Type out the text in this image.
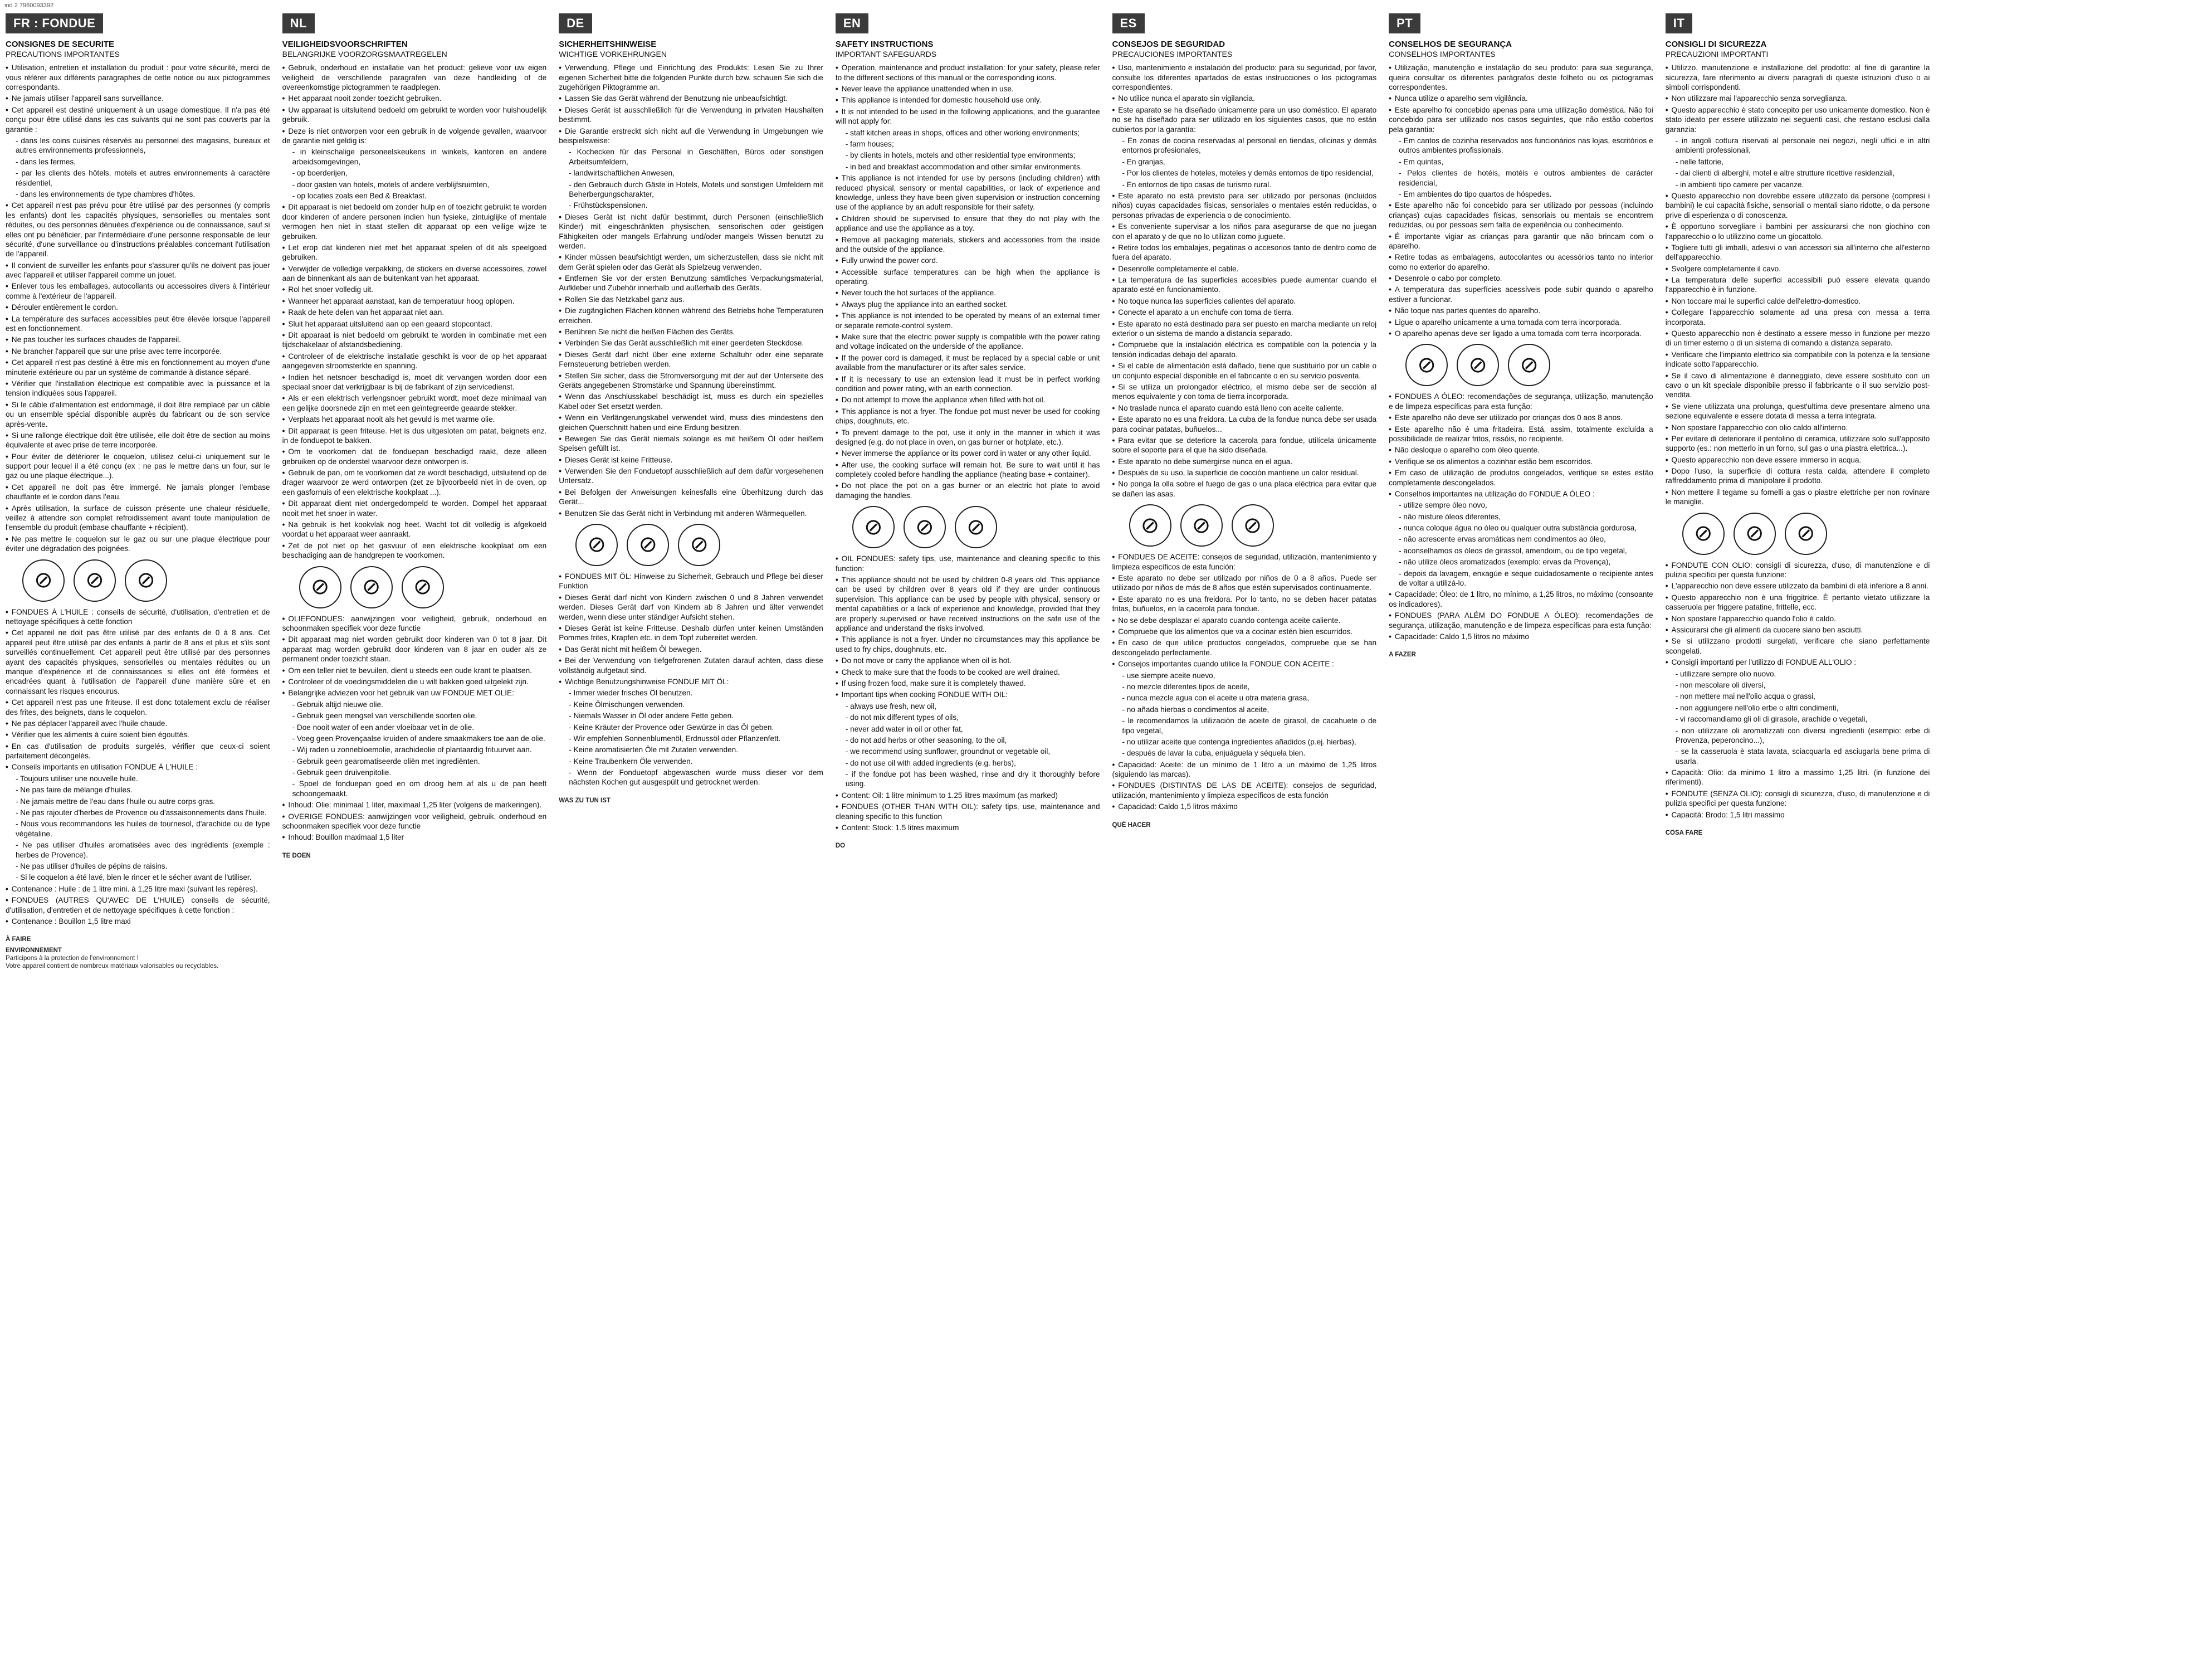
ind 2 7960093392
FR : FONDUE
CONSIGNES DE SECURITE
PRECAUTIONS IMPORTANTES
• Utilisation, entretien et installation du produit : pour votre sécurité, merci de vous référer aux différents paragraphes de cette notice ou aux pictogrammes correspondants.
• Ne jamais utiliser l'appareil sans surveillance.
• Cet appareil est destiné uniquement à un usage domestique. Il n'a pas été conçu pour être utilisé dans les cas suivants qui ne sont pas couverts par la garantie :
- dans les coins cuisines réservés au personnel des magasins, bureaux et autres environnements professionnels,
- dans les fermes,
- par les clients des hôtels, motels et autres environnements à caractère résidentiel,
- dans les environnements de type chambres d'hôtes.
• Cet appareil n'est pas prévu pour être utilisé par des personnes (y compris les enfants) dont les capacités physiques, sensorielles ou mentales sont réduites, ou des personnes dénuées d'expérience ou de connaissance, sauf si elles ont pu bénéficier, par l'intermédiaire d'une personne responsable de leur sécurité, d'une surveillance ou d'instructions préalables concernant l'utilisation de l'appareil.
• Il convient de surveiller les enfants pour s'assurer qu'ils ne doivent pas jouer avec l'appareil et utiliser l'appareil comme un jouet.
• Enlever tous les emballages, autocollants ou accessoires divers à l'intérieur comme à l'extérieur de l'appareil.
• Dérouler entièrement le cordon.
• La température des surfaces accessibles peut être élevée lorsque l'appareil est en fonctionnement.
• Ne pas toucher les surfaces chaudes de l'appareil.
• Ne brancher l'appareil que sur une prise avec terre incorporée.
• Cet appareil n'est pas destiné à être mis en fonctionnement au moyen d'une minuterie extérieure ou par un système de commande à distance séparé.
• Vérifier que l'installation électrique est compatible avec la puissance et la tension indiquées sous l'appareil.
• Si le câble d'alimentation est endommagé, il doit être remplacé par un câble ou un ensemble spécial disponible auprès du fabricant ou de son service après-vente.
• Si une rallonge électrique doit être utilisée, elle doit être de section au moins équivalente et avec prise de terre incorporée.
• Pour éviter de détériorer le coquelon, utilisez celui-ci uniquement sur le support pour lequel il a été conçu (ex : ne pas le mettre dans un four, sur le gaz ou une plaque électrique...).
• Cet appareil ne doit pas être immergé. Ne jamais plonger l'embase chauffante et le cordon dans l'eau.
• Après utilisation, la surface de cuisson présente une chaleur résiduelle, veillez à attendre son complet refroidissement avant toute manipulation de l'ensemble du produit (embase chauffante + récipient).
• Ne pas mettre le coquelon sur le gaz ou sur une plaque électrique pour éviter une dégradation des poignées.
⊘	⊘	⊘
• FONDUES À L'HUILE : conseils de sécurité, d'utilisation, d'entretien et de nettoyage spécifiques à cette fonction
• Cet appareil ne doit pas être utilisé par des enfants de 0 à 8 ans. Cet appareil peut être utilisé par des enfants à partir de 8 ans et plus et s'ils sont surveillés continuellement. Cet appareil peut être utilisé par des personnes ayant des capacités physiques, sensorielles ou mentales réduites ou un manque d'expérience et de connaissances si elles ont été formées et encadrées quant à l'utilisation de l'appareil d'une manière sûre et en connaissant les risques encourus.
• Cet appareil n'est pas une friteuse. Il est donc totalement exclu de réaliser des frites, des beignets, dans le coquelon.
• Ne pas déplacer l'appareil avec l'huile chaude.
• Vérifier que les aliments à cuire soient bien égouttés.
• En cas d'utilisation de produits surgelés, vérifier que ceux-ci soient parfaitement décongelés.
• Conseils importants en utilisation FONDUE À L'HUILE :
- Toujours utiliser une nouvelle huile.
- Ne pas faire de mélange d'huiles.
- Ne jamais mettre de l'eau dans l'huile ou autre corps gras.
- Ne pas rajouter d'herbes de Provence ou d'assaisonnements dans l'huile.
- Nous vous recommandons les huiles de tournesol, d'arachide ou de type végétaline.
- Ne pas utiliser d'huiles aromatisées avec des ingrédients (exemple : herbes de Provence).
- Ne pas utiliser d'huiles de pépins de raisins.
- Si le coquelon a été lavé, bien le rincer et le sécher avant de l'utiliser.
• Contenance : Huile : de 1 litre mini. à 1,25 litre maxi (suivant les repères).
• FONDUES (AUTRES QU'AVEC DE L'HUILE) conseils de sécurité, d'utilisation, d'entretien et de nettoyage spécifiques à cette fonction :
• Contenance : Bouillon 1,5 litre maxi
À FAIRE
ENVIRONNEMENT
Participons à la protection de l'environnement !
Votre appareil contient de nombreux matériaux valorisables ou recyclables.
NL
VEILIGHEIDSVOORSCHRIFTEN
BELANGRIJKE VOORZORGSMAATREGELEN
• Gebruik, onderhoud en installatie van het product: gelieve voor uw eigen veiligheid de verschillende paragrafen van deze handleiding of de overeenkomstige pictogrammen te raadplegen.
• Het apparaat nooit zonder toezicht gebruiken.
• Uw apparaat is uitsluitend bedoeld om gebruikt te worden voor huishoudelijk gebruik.
• Deze is niet ontworpen voor een gebruik in de volgende gevallen, waarvoor de garantie niet geldig is:
- in kleinschalige personeelskeukens in winkels, kantoren en andere arbeidsomgevingen,
- op boerderijen,
- door gasten van hotels, motels of andere verblijfsruimten,
- op locaties zoals een Bed & Breakfast.
• Dit apparaat is niet bedoeld om zonder hulp en of toezicht gebruikt te worden door kinderen of andere personen indien hun fysieke, zintuiglijke of mentale vermogen hen niet in staat stellen dit apparaat op een veilige wijze te gebruiken.
• Let erop dat kinderen niet met het apparaat spelen of dit als speelgoed gebruiken.
• Verwijder de volledige verpakking, de stickers en diverse accessoires, zowel aan de binnenkant als aan de buitenkant van het apparaat.
• Rol het snoer volledig uit.
• Wanneer het apparaat aanstaat, kan de temperatuur hoog oplopen.
• Raak de hete delen van het apparaat niet aan.
• Sluit het apparaat uitsluitend aan op een geaard stopcontact.
• Dit apparaat is niet bedoeld om gebruikt te worden in combinatie met een tijdschakelaar of afstandsbediening.
• Controleer of de elektrische installatie geschikt is voor de op het apparaat aangegeven stroomsterkte en spanning.
• Indien het netsnoer beschadigd is, moet dit vervangen worden door een speciaal snoer dat verkrijgbaar is bij de fabrikant of zijn servicedienst.
• Als er een elektrisch verlengsnoer gebruikt wordt, moet deze minimaal van een gelijke doorsnede zijn en met een geïntegreerde geaarde stekker.
• Verplaats het apparaat nooit als het gevuld is met warme olie.
• Dit apparaat is geen friteuse. Het is dus uitgesloten om patat, beignets enz. in de fonduepot te bakken.
• Om te voorkomen dat de fonduepan beschadigd raakt, deze alleen gebruiken op de onderstel waarvoor deze ontworpen is.
• Gebruik de pan, om te voorkomen dat ze wordt beschadigd, uitsluitend op de drager waarvoor ze werd ontworpen (zet ze bijvoorbeeld niet in de oven, op een gasfornuis of een elektrische kookplaat ...).
• Dit apparaat dient niet ondergedompeld te worden. Dompel het apparaat nooit met het snoer in water.
• Na gebruik is het kookvlak nog heet. Wacht tot dit volledig is afgekoeld voordat u het apparaat weer aanraakt.
• Zet de pot niet op het gasvuur of een elektrische kookplaat om een beschadiging aan de handgrepen te voorkomen.
⊘	⊘	⊘
• OLIEFONDUES: aanwijzingen voor veiligheid, gebruik, onderhoud en schoonmaken specifiek voor deze functie
• Dit apparaat mag niet worden gebruikt door kinderen van 0 tot 8 jaar. Dit apparaat mag worden gebruikt door kinderen van 8 jaar en ouder als ze permanent onder toezicht staan.
• Om een teller niet te bevuilen, dient u steeds een oude krant te plaatsen.
• Controleer of de voedingsmiddelen die u wilt bakken goed uitgelekt zijn.
• Belangrijke adviezen voor het gebruik van uw FONDUE MET OLIE:
- Gebruik altijd nieuwe olie.
- Gebruik geen mengsel van verschillende soorten olie.
- Doe nooit water of een ander vloeibaar vet in de olie.
- Voeg geen Provençaalse kruiden of andere smaakmakers toe aan de olie.
- Wij raden u zonnebloemolie, arachideolie of plantaardig frituurvet aan.
- Gebruik geen gearomatiseerde oliën met ingrediënten.
- Gebruik geen druivenpitolie.
- Spoel de fonduepan goed en om droog hem af als u de pan heeft schoongemaakt.
• Inhoud: Olie: minimaal 1 liter, maximaal 1,25 liter (volgens de markeringen).
• OVERIGE FONDUES: aanwijzingen voor veiligheid, gebruik, onderhoud en schoonmaken specifiek voor deze functie
• Inhoud: Bouillon maximaal 1,5 liter
TE DOEN
DE
SICHERHEITSHINWEISE
WICHTIGE VORKEHRUNGEN
• Verwendung, Pflege und Einrichtung des Produkts: Lesen Sie zu Ihrer eigenen Sicherheit bitte die folgenden Punkte durch bzw. schauen Sie sich die zugehörigen Piktogramme an.
• Lassen Sie das Gerät während der Benutzung nie unbeaufsichtigt.
• Dieses Gerät ist ausschließlich für die Verwendung in privaten Haushalten bestimmt.
• Die Garantie erstreckt sich nicht auf die Verwendung in Umgebungen wie beispielsweise:
- Kochecken für das Personal in Geschäften, Büros oder sonstigen Arbeitsumfeldern,
- landwirtschaftlichen Anwesen,
- den Gebrauch durch Gäste in Hotels, Motels und sonstigen Umfeldern mit Beherbergungscharakter,
- Frühstückspensionen.
• Dieses Gerät ist nicht dafür bestimmt, durch Personen (einschließlich Kinder) mit eingeschränkten physischen, sensorischen oder geistigen Fähigkeiten oder mangels Erfahrung und/oder mangels Wissen benutzt zu werden.
• Kinder müssen beaufsichtigt werden, um sicherzustellen, dass sie nicht mit dem Gerät spielen oder das Gerät als Spielzeug verwenden.
• Entfernen Sie vor der ersten Benutzung sämtliches Verpackungsmaterial, Aufkleber und Zubehör innerhalb und außerhalb des Geräts.
• Rollen Sie das Netzkabel ganz aus.
• Die zugänglichen Flächen können während des Betriebs hohe Temperaturen erreichen.
• Berühren Sie nicht die heißen Flächen des Geräts.
• Verbinden Sie das Gerät ausschließlich mit einer geerdeten Steckdose.
• Dieses Gerät darf nicht über eine externe Schaltuhr oder eine separate Fernsteuerung betrieben werden.
• Stellen Sie sicher, dass die Stromversorgung mit der auf der Unterseite des Geräts angegebenen Stromstärke und Spannung übereinstimmt.
• Wenn das Anschlusskabel beschädigt ist, muss es durch ein spezielles Kabel oder Set ersetzt werden.
• Wenn ein Verlängerungskabel verwendet wird, muss dies mindestens den gleichen Querschnitt haben und eine Erdung besitzen.
• Bewegen Sie das Gerät niemals solange es mit heißem Öl oder heißem Speisen gefüllt ist.
• Dieses Gerät ist keine Fritteuse.
• Verwenden Sie den Fonduetopf ausschließlich auf dem dafür vorgesehenen Untersatz.
• Bei Befolgen der Anweisungen keinesfalls eine Überhitzung durch das Gerät...
• Benutzen Sie das Gerät nicht in Verbindung mit anderen Wärmequellen.
⊘	⊘	⊘
• FONDUES MIT ÖL: Hinweise zu Sicherheit, Gebrauch und Pflege bei dieser Funktion
• Dieses Gerät darf nicht von Kindern zwischen 0 und 8 Jahren verwendet werden. Dieses Gerät darf von Kindern ab 8 Jahren und älter verwendet werden, wenn diese unter ständiger Aufsicht stehen.
• Dieses Gerät ist keine Fritteuse. Deshalb dürfen unter keinen Umständen Pommes frites, Krapfen etc. in dem Topf zubereitet werden.
• Das Gerät nicht mit heißem Öl bewegen.
• Bei der Verwendung von tiefgefrorenen Zutaten darauf achten, dass diese vollständig aufgetaut sind.
• Wichtige Benutzungshinweise FONDUE MIT ÖL:
- Immer wieder frisches Öl benutzen.
- Keine Ölmischungen verwenden.
- Niemals Wasser in Öl oder andere Fette geben.
- Keine Kräuter der Provence oder Gewürze in das Öl geben.
- Wir empfehlen Sonnenblumenöl, Erdnussöl oder Pflanzenfett.
- Keine aromatisierten Öle mit Zutaten verwenden.
- Keine Traubenkern Öle verwenden.
- Wenn der Fonduetopf abgewaschen wurde muss dieser vor dem nächsten Kochen gut ausgespült und getrocknet werden.
WAS ZU TUN IST
EN
SAFETY INSTRUCTIONS
IMPORTANT SAFEGUARDS
• Operation, maintenance and product installation: for your safety, please refer to the different sections of this manual or the corresponding icons.
• Never leave the appliance unattended when in use.
• This appliance is intended for domestic household use only.
• It is not intended to be used in the following applications, and the guarantee will not apply for:
- staff kitchen areas in shops, offices and other working environments;
- farm houses;
- by clients in hotels, motels and other residential type environments;
- in bed and breakfast accommodation and other similar environments.
• This appliance is not intended for use by persons (including children) with reduced physical, sensory or mental capabilities, or lack of experience and knowledge, unless they have been given supervision or instruction concerning use of the appliance by an adult responsible for their safety.
• Children should be supervised to ensure that they do not play with the appliance and use the appliance as a toy.
• Remove all packaging materials, stickers and accessories from the inside and the outside of the appliance.
• Fully unwind the power cord.
• Accessible surface temperatures can be high when the appliance is operating.
• Never touch the hot surfaces of the appliance.
• Always plug the appliance into an earthed socket.
• This appliance is not intended to be operated by means of an external timer or separate remote-control system.
• Make sure that the electric power supply is compatible with the power rating and voltage indicated on the underside of the appliance.
• If the power cord is damaged, it must be replaced by a special cable or unit available from the manufacturer or its after sales service.
• If it is necessary to use an extension lead it must be in perfect working condition and power rating, with an earth connection.
• Do not attempt to move the appliance when filled with hot oil.
• This appliance is not a fryer. The fondue pot must never be used for cooking chips, doughnuts, etc.
• To prevent damage to the pot, use it only in the manner in which it was designed (e.g. do not place in oven, on gas burner or hotplate, etc.).
• Never immerse the appliance or its power cord in water or any other liquid.
• After use, the cooking surface will remain hot. Be sure to wait until it has completely cooled before handling the appliance (heating base + container).
• Do not place the pot on a gas burner or an electric hot plate to avoid damaging the handles.
⊘	⊘	⊘
• OIL FONDUES: safety tips, use, maintenance and cleaning specific to this function:
• This appliance should not be used by children 0-8 years old. This appliance can be used by children over 8 years old if they are under continuous supervision. This appliance can be used by people with physical, sensory or mental capabilities or a lack of experience and knowledge, provided that they are properly supervised or have received instructions on the safe use of the appliance and understand the risks involved.
• This appliance is not a fryer. Under no circumstances may this appliance be used to fry chips, doughnuts, etc.
• Do not move or carry the appliance when oil is hot.
• Check to make sure that the foods to be cooked are well drained.
• If using frozen food, make sure it is completely thawed.
• Important tips when cooking FONDUE WITH OIL:
- always use fresh, new oil,
- do not mix different types of oils,
- never add water in oil or other fat,
- do not add herbs or other seasoning, to the oil,
- we recommend using sunflower, groundnut or vegetable oil,
- do not use oil with added ingredients (e.g. herbs),
- if the fondue pot has been washed, rinse and dry it thoroughly before using.
• Content: Oil: 1 litre minimum to 1.25 litres maximum (as marked)
• FONDUES (OTHER THAN WITH OIL): safety tips, use, maintenance and cleaning specific to this function
• Content: Stock: 1.5 litres maximum
DO
ES
CONSEJOS DE SEGURIDAD
PRECAUCIONES IMPORTANTES
• Uso, mantenimiento e instalación del producto: para su seguridad, por favor, consulte los diferentes apartados de estas instrucciones o los pictogramas correspondientes.
• No utilice nunca el aparato sin vigilancia.
• Este aparato se ha diseñado únicamente para un uso doméstico. El aparato no se ha diseñado para ser utilizado en los siguientes casos, que no están cubiertos por la garantía:
- En zonas de cocina reservadas al personal en tiendas, oficinas y demás entornos profesionales,
- En granjas,
- Por los clientes de hoteles, moteles y demás entornos de tipo residencial,
- En entornos de tipo casas de turismo rural.
• Este aparato no está previsto para ser utilizado por personas (incluidos niños) cuyas capacidades físicas, sensoriales o mentales estén reducidas, o personas privadas de experiencia o de conocimiento.
• Es conveniente supervisar a los niños para asegurarse de que no juegan con el aparato y de que no lo utilizan como juguete.
• Retire todos los embalajes, pegatinas o accesorios tanto de dentro como de fuera del aparato.
• Desenrolle completamente el cable.
• La temperatura de las superficies accesibles puede aumentar cuando el aparato esté en funcionamiento.
• No toque nunca las superficies calientes del aparato.
• Conecte el aparato a un enchufe con toma de tierra.
• Este aparato no está destinado para ser puesto en marcha mediante un reloj exterior o un sistema de mando a distancia separado.
• Compruebe que la instalación eléctrica es compatible con la potencia y la tensión indicadas debajo del aparato.
• Si el cable de alimentación está dañado, tiene que sustituirlo por un cable o un conjunto especial disponible en el fabricante o en su servicio posventa.
• Si se utiliza un prolongador eléctrico, el mismo debe ser de sección al menos equivalente y con toma de tierra incorporada.
• No traslade nunca el aparato cuando está lleno con aceite caliente.
• Este aparato no es una freidora. La cuba de la fondue nunca debe ser usada para cocinar patatas, buñuelos...
• Para evitar que se deteriore la cacerola para fondue, utilícela únicamente sobre el soporte para el que ha sido diseñada.
• Este aparato no debe sumergirse nunca en el agua.
• Después de su uso, la superficie de cocción mantiene un calor residual.
• No ponga la olla sobre el fuego de gas o una placa eléctrica para evitar que se dañen las asas.
⊘	⊘	⊘
• FONDUES DE ACEITE: consejos de seguridad, utilización, mantenimiento y limpieza específicos de esta función:
• Este aparato no debe ser utilizado por niños de 0 a 8 años. Puede ser utilizado por niños de más de 8 años que estén supervisados continuamente.
• Este aparato no es una freidora. Por lo tanto, no se deben hacer patatas fritas, buñuelos, en la cacerola para fondue.
• No se debe desplazar el aparato cuando contenga aceite caliente.
• Compruebe que los alimentos que va a cocinar estén bien escurridos.
• En caso de que utilice productos congelados, compruebe que se han descongelado perfectamente.
• Consejos importantes cuando utilice la FONDUE CON ACEITE :
- use siempre aceite nuevo,
- no mezcle diferentes tipos de aceite,
- nunca mezcle agua con el aceite u otra materia grasa,
- no añada hierbas o condimentos al aceite,
- le recomendamos la utilización de aceite de girasol, de cacahuete o de tipo vegetal,
- no utilizar aceite que contenga ingredientes añadidos (p.ej. hierbas),
- después de lavar la cuba, enjuáguela y séquela bien.
• Capacidad: Aceite: de un mínimo de 1 litro a un máximo de 1,25 litros (siguiendo las marcas).
• FONDUES (DISTINTAS DE LAS DE ACEITE): consejos de seguridad, utilización, mantenimiento y limpieza específicos de esta función
• Capacidad: Caldo 1,5 litros máximo
QUÉ HACER
PT
CONSELHOS DE SEGURANÇA
CONSELHOS IMPORTANTES
• Utilização, manutenção e instalação do seu produto: para sua segurança, queira consultar os diferentes parágrafos deste folheto ou os pictogramas correspondentes.
• Nunca utilize o aparelho sem vigilância.
• Este aparelho foi concebido apenas para uma utilização doméstica. Não foi concebido para ser utilizado nos casos seguintes, que não estão cobertos pela garantia:
- Em cantos de cozinha reservados aos funcionários nas lojas, escritórios e outros ambientes profissionais,
- Em quintas,
- Pelos clientes de hotéis, motéis e outros ambientes de carácter residencial,
- Em ambientes do tipo quartos de hóspedes.
• Este aparelho não foi concebido para ser utilizado por pessoas (incluindo crianças) cujas capacidades físicas, sensoriais ou mentais se encontrem reduzidas, ou por pessoas sem falta de experiência ou conhecimento.
• É importante vigiar as crianças para garantir que não brincam com o aparelho.
• Retire todas as embalagens, autocolantes ou acessórios tanto no interior como no exterior do aparelho.
• Desenrole o cabo por completo.
• A temperatura das superfícies acessíveis pode subir quando o aparelho estiver a funcionar.
• Não toque nas partes quentes do aparelho.
• Ligue o aparelho unicamente a uma tomada com terra incorporada.
• O aparelho apenas deve ser ligado a uma tomada com terra incorporada.
⊘	⊘	⊘
• FONDUES A ÓLEO: recomendações de segurança, utilização, manutenção e de limpeza específicas para esta função:
• Este aparelho não deve ser utilizado por crianças dos 0 aos 8 anos.
• Este aparelho não é uma fritadeira. Está, assim, totalmente excluída a possibilidade de realizar fritos, rissóis, no recipiente.
• Não desloque o aparelho com óleo quente.
• Verifique se os alimentos a cozinhar estão bem escorridos.
• Em caso de utilização de produtos congelados, verifique se estes estão completamente descongelados.
• Conselhos importantes na utilização do FONDUE A ÓLEO :
- utilize sempre óleo novo,
- não misture óleos diferentes,
- nunca coloque água no óleo ou qualquer outra substância gordurosa,
- não acrescente ervas aromáticas nem condimentos ao óleo,
- aconselhamos os óleos de girassol, amendoim, ou de tipo vegetal,
- não utilize óleos aromatizados (exemplo: ervas da Provença),
- depois da lavagem, enxagúe e seque cuidadosamente o recipiente antes de voltar a utilizá-lo.
• Capacidade: Óleo: de 1 litro, no mínimo, a 1,25 litros, no máximo (consoante os indicadores).
• FONDUES (PARA ALÉM DO FONDUE A ÓLEO): recomendações de segurança, utilização, manutenção e de limpeza específicas para esta função:
• Capacidade: Caldo 1,5 litros no máximo
A FAZER
IT
CONSIGLI DI SICUREZZA
PRECAUZIONI IMPORTANTI
• Utilizzo, manutenzione e installazione del prodotto: al fine di garantire la sicurezza, fare riferimento ai diversi paragrafi di queste istruzioni d'uso o ai simboli corrispondenti.
• Non utilizzare mai l'apparecchio senza sorveglianza.
• Questo apparecchio è stato concepito per uso unicamente domestico. Non è stato ideato per essere utilizzato nei seguenti casi, che restano esclusi dalla garanzia:
- in angoli cottura riservati al personale nei negozi, negli uffici e in altri ambienti professionali,
- nelle fattorie,
- dai clienti di alberghi, motel e altre strutture ricettive residenziali,
- in ambienti tipo camere per vacanze.
• Questo apparecchio non dovrebbe essere utilizzato da persone (compresi i bambini) le cui capacità fisiche, sensoriali o mentali siano ridotte, o da persone prive di esperienza o di conoscenza.
• È opportuno sorvegliare i bambini per assicurarsi che non giochino con l'apparecchio o lo utilizzino come un giocattolo.
• Togliere tutti gli imballi, adesivi o vari accessori sia all'interno che all'esterno dell'apparecchio.
• Svolgere completamente il cavo.
• La temperatura delle superfici accessibili può essere elevata quando l'apparecchio è in funzione.
• Non toccare mai le superfici calde dell'elettro-domestico.
• Collegare l'apparecchio solamente ad una presa con messa a terra incorporata.
• Questo apparecchio non è destinato a essere messo in funzione per mezzo di un timer esterno o di un sistema di comando a distanza separato.
• Verificare che l'impianto elettrico sia compatibile con la potenza e la tensione indicate sotto l'apparecchio.
• Se il cavo di alimentazione è danneggiato, deve essere sostituito con un cavo o un kit speciale disponibile presso il fabbricante o il suo servizio post-vendita.
• Se viene utilizzata una prolunga, quest'ultima deve presentare almeno una sezione equivalente e essere dotata di messa a terra integrata.
• Non spostare l'apparecchio con olio caldo all'interno.
• Per evitare di deteriorare il pentolino di ceramica, utilizzare solo sull'apposito supporto (es.: non metterlo in un forno, sul gas o una piastra elettrica...).
• Questo apparecchio non deve essere immerso in acqua.
• Dopo l'uso, la superficie di cottura resta calda, attendere il completo raffreddamento prima di manipolare il prodotto.
• Non mettere il tegame su fornelli a gas o piastre elettriche per non rovinare le maniglie.
⊘	⊘	⊘
• FONDUTE CON OLIO: consigli di sicurezza, d'uso, di manutenzione e di pulizia specifici per questa funzione:
• L'apparecchio non deve essere utilizzato da bambini di età inferiore a 8 anni.
• Questo apparecchio non è una friggitrice. È pertanto vietato utilizzare la casseruola per friggere patatine, frittelle, ecc.
• Non spostare l'apparecchio quando l'olio è caldo.
• Assicurarsi che gli alimenti da cuocere siano ben asciutti.
• Se si utilizzano prodotti surgelati, verificare che siano perfettamente scongelati.
• Consigli importanti per l'utilizzo di FONDUE ALL'OLIO :
- utilizzare sempre olio nuovo,
- non mescolare oli diversi,
- non mettere mai nell'olio acqua o grassi,
- non aggiungere nell'olio erbe o altri condimenti,
- vi raccomandiamo gli oli di girasole, arachide o vegetali,
- non utilizzare oli aromatizzati con diversi ingredienti (esempio: erbe di Provenza, peperoncino...),
- se la casseruola è stata lavata, sciacquarla ed asciugarla bene prima di usarla.
• Capacità: Olio: da minimo 1 litro a massimo 1,25 litri. (in funzione dei riferimenti).
• FONDUTE (SENZA OLIO): consigli di sicurezza, d'uso, di manutenzione e di pulizia specifici per questa funzione:
• Capacità: Brodo: 1,5 litri massimo
COSA FARE
